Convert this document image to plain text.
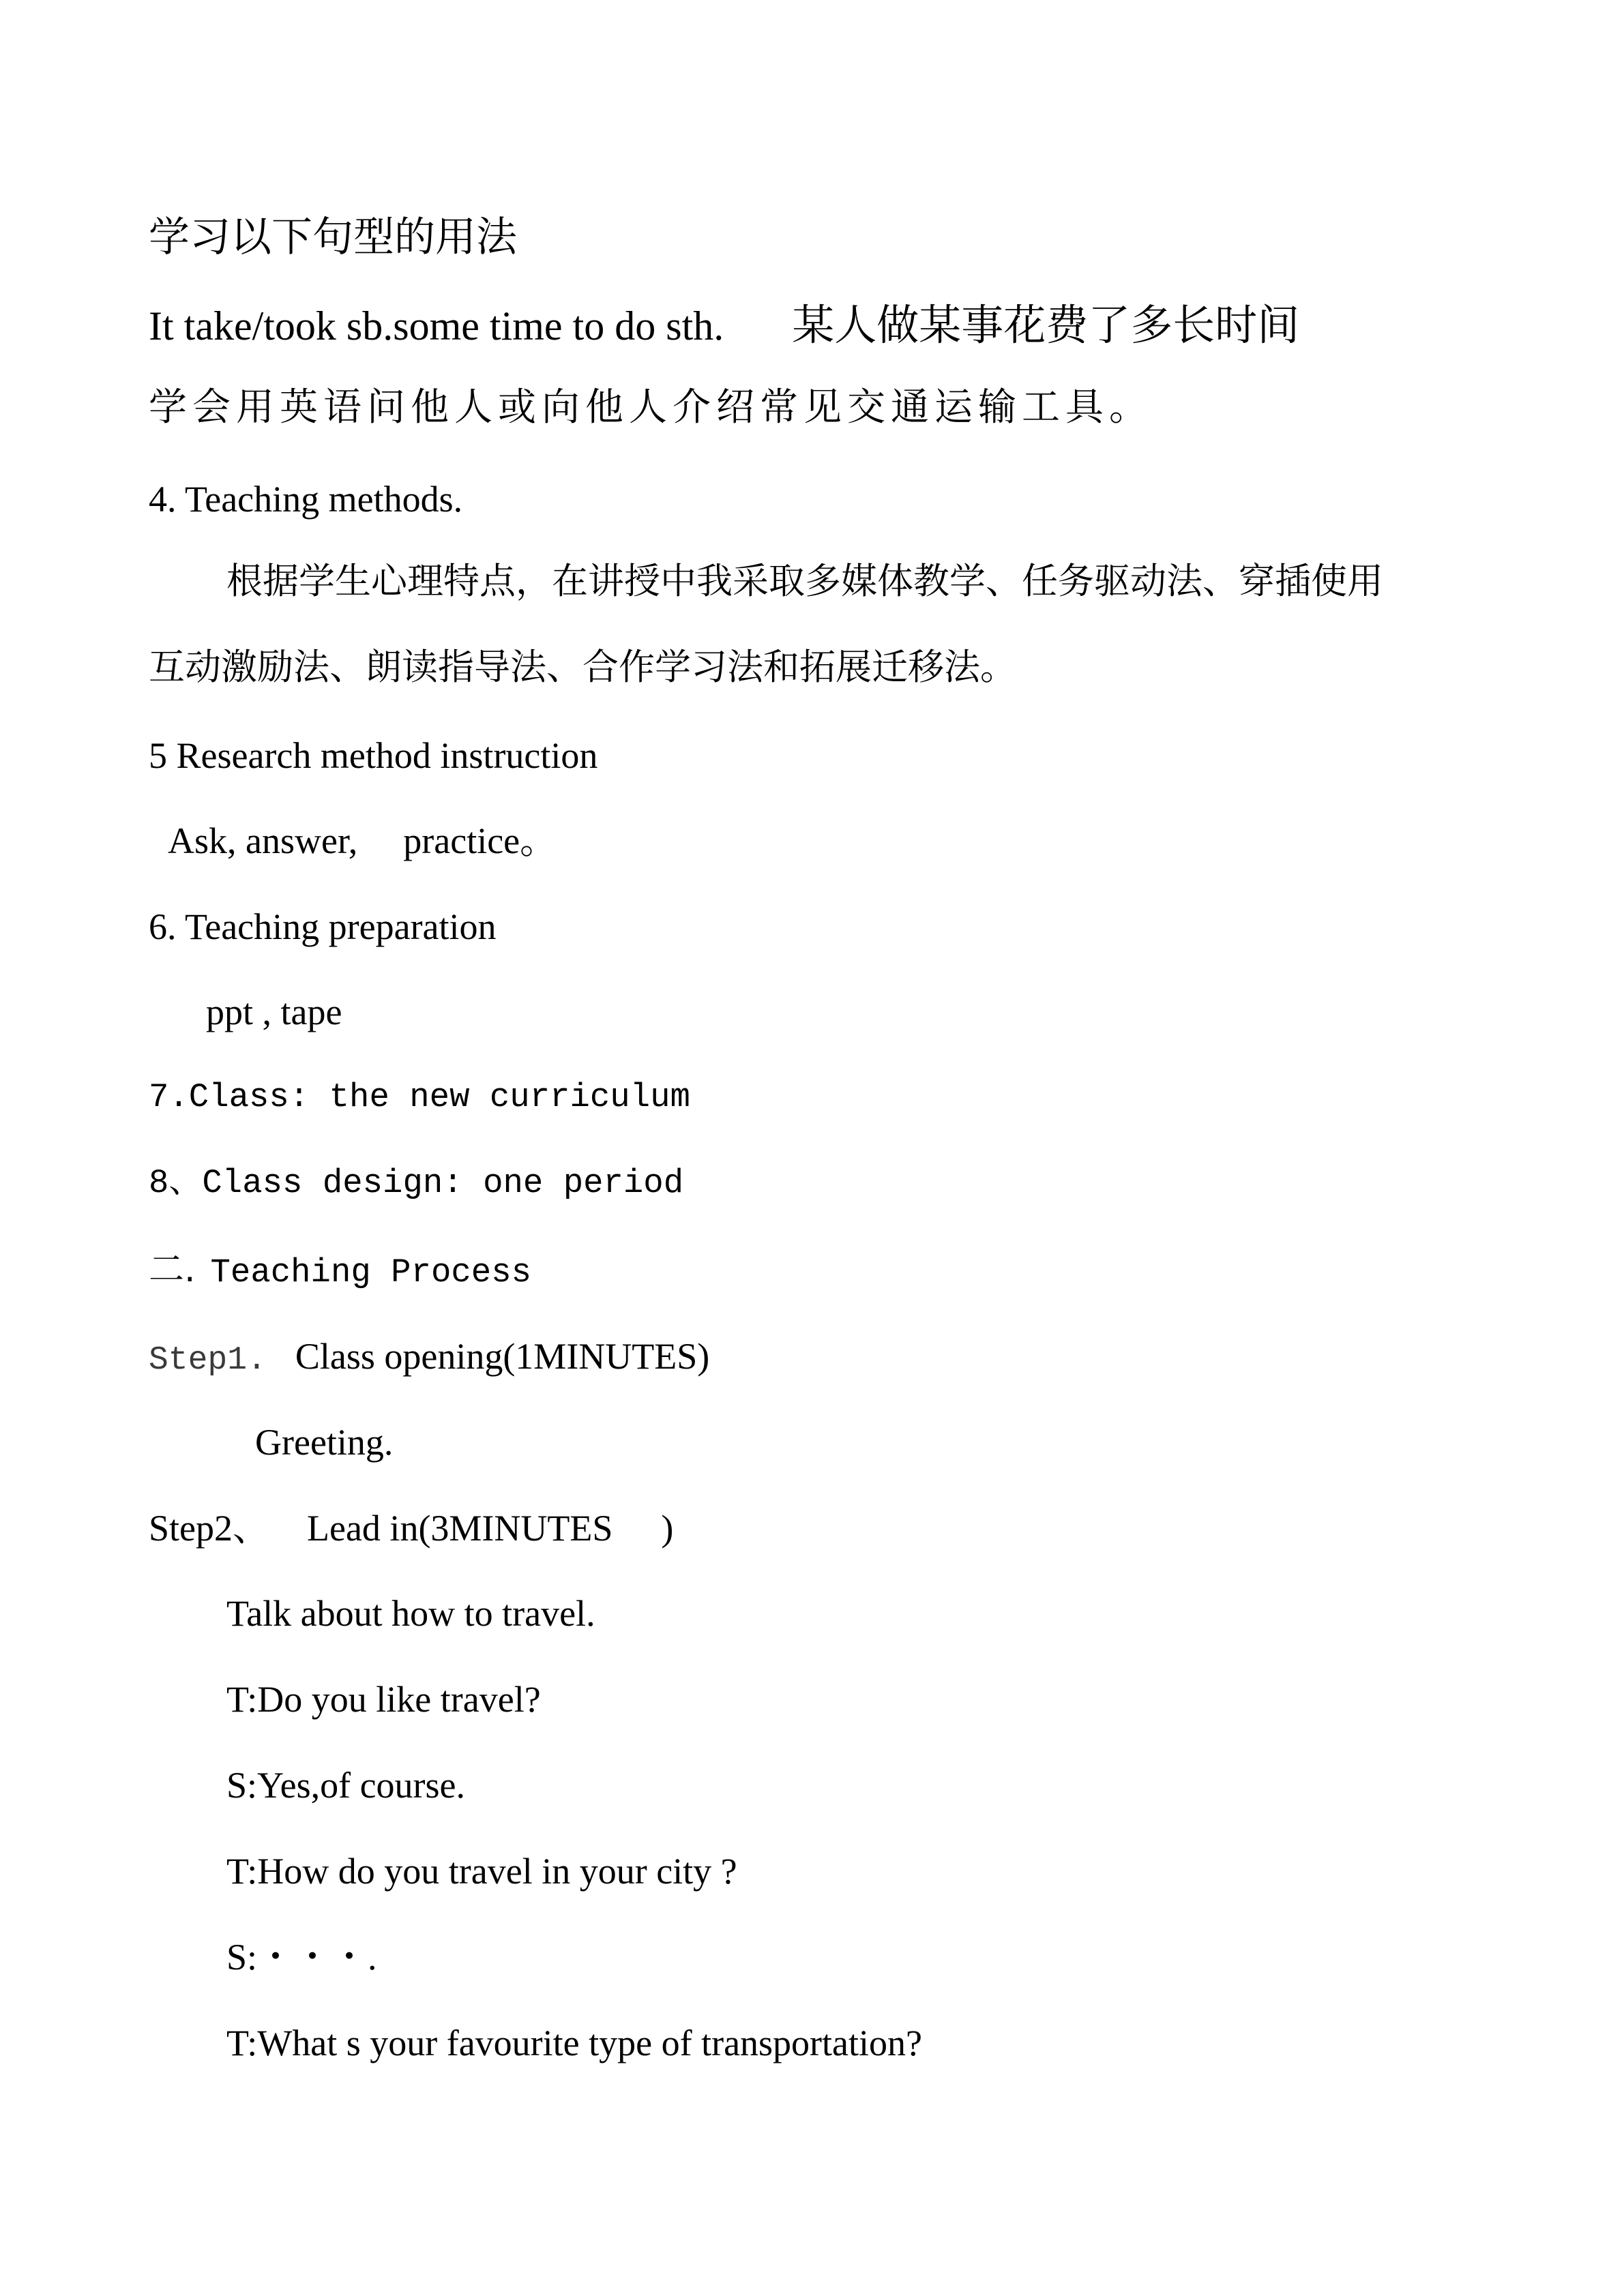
学习以下句型的用法
It take/took sb.some time to do sth. 某人做某事花费了多长时间
学会用英语问他人或向他人介绍常见交通运输工具。
4. Teaching methods.
根据学生心理特点，在讲授中我采取多媒体教学、任务驱动法、穿插使用
互动激励法、朗读指导法、合作学习法和拓展迁移法。
5 Research method instruction
Ask, answer, practice。
6. Teaching preparation
ppt , tape
7.Class: the new curriculum
8、Class design: one period
二. Teaching Process
Step1. Class opening(1MINUTES)
Greeting.
Step2、 Lead in(3MINUTES )
Talk about how to travel.
T:Do you like travel?
S:Yes,of course.
T:How do you travel in your city ?
S:・・・.
T:What s your favourite type of transportation?
